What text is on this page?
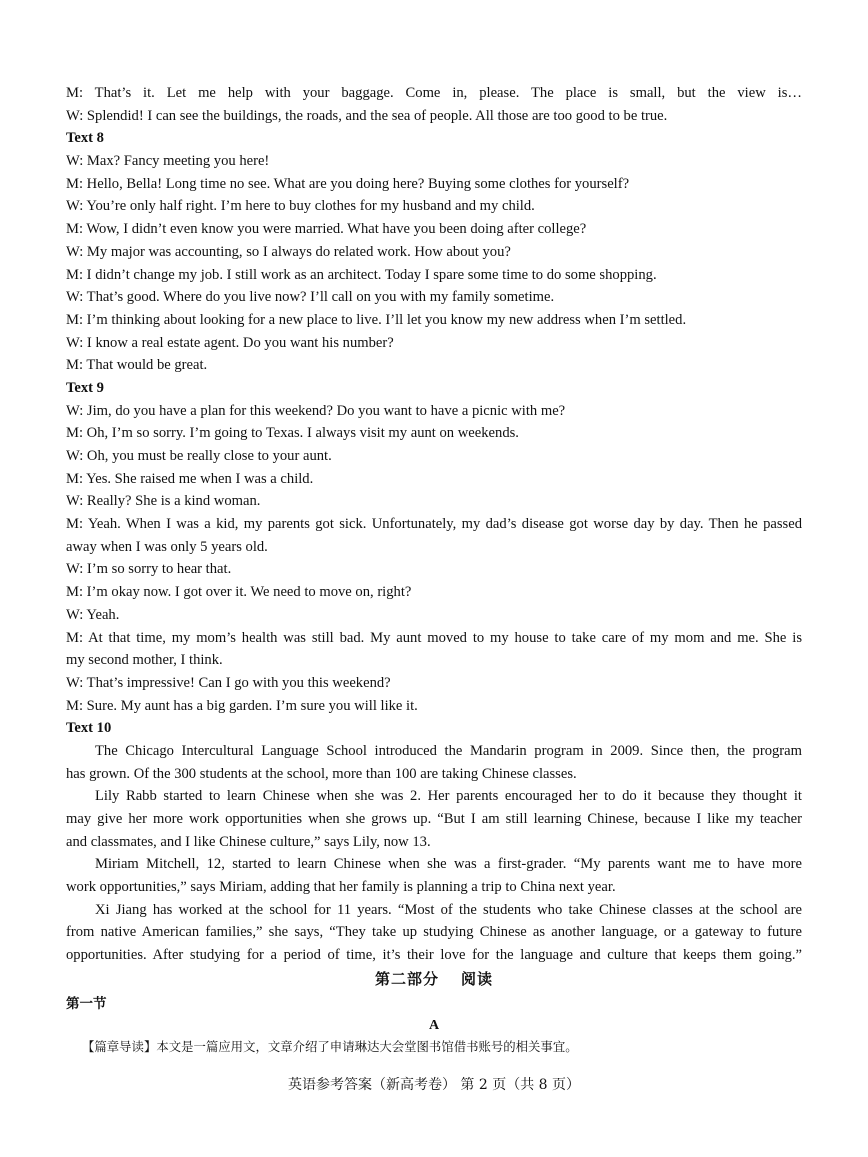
M: That’s it. Let me help with your baggage. Come in, please. The place is small, but the view is…
W: Splendid! I can see the buildings, the roads, and the sea of people. All those are too good to be true.
Text 8
W: Max? Fancy meeting you here!
M: Hello, Bella! Long time no see. What are you doing here? Buying some clothes for yourself?
W: You’re only half right. I’m here to buy clothes for my husband and my child.
M: Wow, I didn’t even know you were married. What have you been doing after college?
W: My major was accounting, so I always do related work. How about you?
M: I didn’t change my job. I still work as an architect. Today I spare some time to do some shopping.
W: That’s good. Where do you live now? I’ll call on you with my family sometime.
M: I’m thinking about looking for a new place to live. I’ll let you know my new address when I’m settled.
W: I know a real estate agent. Do you want his number?
M: That would be great.
Text 9
W: Jim, do you have a plan for this weekend? Do you want to have a picnic with me?
M: Oh, I’m so sorry. I’m going to Texas. I always visit my aunt on weekends.
W: Oh, you must be really close to your aunt.
M: Yes. She raised me when I was a child.
W: Really? She is a kind woman.
M: Yeah. When I was a kid, my parents got sick. Unfortunately, my dad’s disease got worse day by day. Then he passed
away when I was only 5 years old.
W: I’m so sorry to hear that.
M: I’m okay now. I got over it. We need to move on, right?
W: Yeah.
M: At that time, my mom’s health was still bad. My aunt moved to my house to take care of my mom and me. She is
my second mother, I think.
W: That’s impressive! Can I go with you this weekend?
M: Sure. My aunt has a big garden. I’m sure you will like it.
Text 10
The Chicago Intercultural Language School introduced the Mandarin program in 2009. Since then, the program
has grown. Of the 300 students at the school, more than 100 are taking Chinese classes.
Lily Rabb started to learn Chinese when she was 2. Her parents encouraged her to do it because they thought it
may give her more work opportunities when she grows up. “But I am still learning Chinese, because I like my teacher
and classmates, and I like Chinese culture,” says Lily, now 13.
Miriam Mitchell, 12, started to learn Chinese when she was a first-grader. “My parents want me to have more
work opportunities,” says Miriam, adding that her family is planning a trip to China next year.
Xi Jiang has worked at the school for 11 years. “Most of the students who take Chinese classes at the school are
from native American families,” she says, “They take up studying Chinese as another language, or a gateway to future
opportunities. After studying for a period of time, it’s their love for the language and culture that keeps them going.”
第二部分 阅读
第一节
A
【篇章导读】本文是一篇应用文，文章介绍了申请琳达大会堂图书馆借书账号的相关事宜。
英语参考答案（新高考卷） 第 2 页（共 8 页）
